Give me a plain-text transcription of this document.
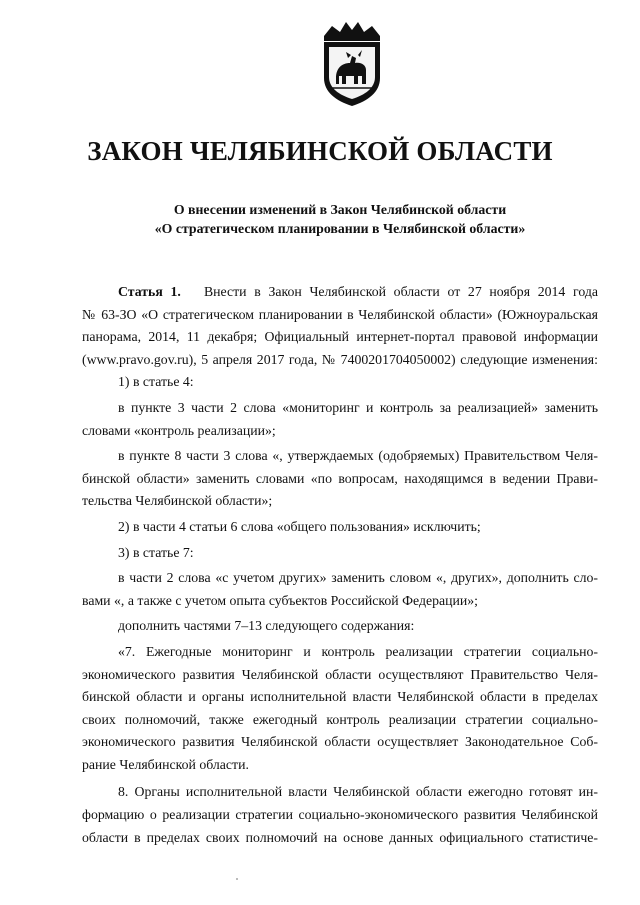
ЗАКОН ЧЕЛЯБИНСКОЙ ОБЛАСТИ
О внесении изменений в Закон Челябинской области
«О стратегическом планировании в Челябинской области»
Статья 1. Внести в Закон Челябинской области от 27 ноября 2014 года
№ 63-ЗО «О стратегическом планировании в Челябинской области» (Южноуральская
панорама, 2014, 11 декабря; Официальный интернет-портал правовой информации
(www.pravo.gov.ru), 5 апреля 2017 года, № 7400201704050002) следующие изменения:
1) в статье 4:
в пункте 3 части 2 слова «мониторинг и контроль за реализацией» заменить
словами «контроль реализации»;
в пункте 8 части 3 слова «, утверждаемых (одобряемых) Правительством Челя-
бинской области» заменить словами «по вопросам, находящимся в ведении Прави-
тельства Челябинской области»;
2) в части 4 статьи 6 слова «общего пользования» исключить;
3) в статье 7:
в части 2 слова «с учетом других» заменить словом «, других», дополнить сло-
вами «, а также с учетом опыта субъектов Российской Федерации»;
дополнить частями 7–13 следующего содержания:
«7. Ежегодные мониторинг и контроль реализации стратегии социально-
экономического развития Челябинской области осуществляют Правительство Челя-
бинской области и органы исполнительной власти Челябинской области в пределах
своих полномочий, также ежегодный контроль реализации стратегии социально-
экономического развития Челябинской области осуществляет Законодательное Соб-
рание Челябинской области.
8. Органы исполнительной власти Челябинской области ежегодно готовят ин-
формацию о реализации стратегии социально-экономического развития Челябинской
области в пределах своих полномочий на основе данных официального статистиче-
